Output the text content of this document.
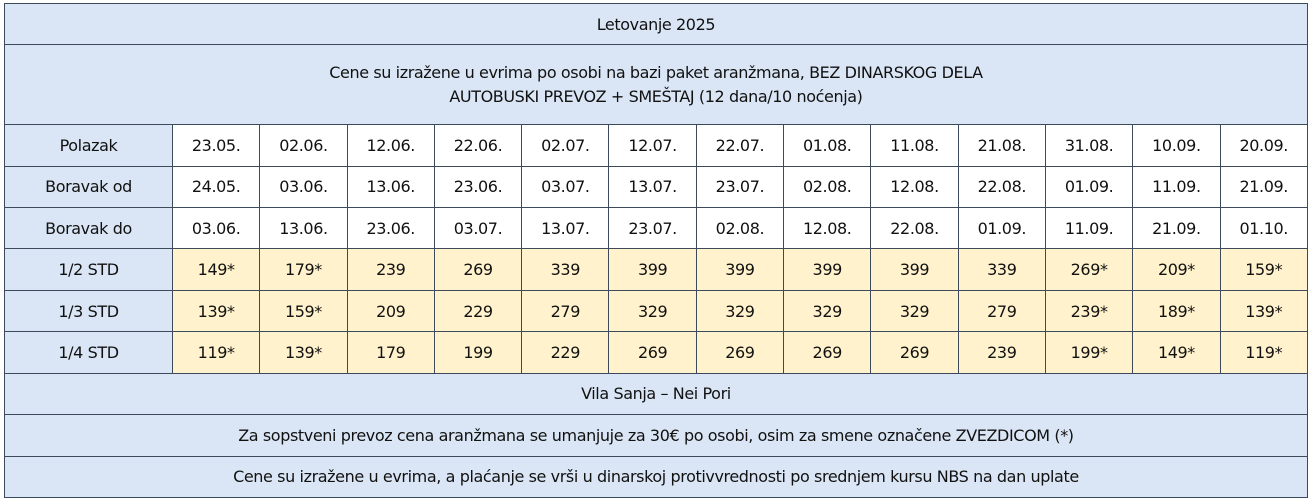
Letovanje 2025													

Cene su izražene u evrima po osobi na bazi paket aranžmana, BEZ DINARSKOG DELA
AUTOBUSKI PREVOZ + SMEŠTAJ (12 dana/10 noćenja)													

Polazak	23.05.	02.06.	12.06.	22.06.	02.07.	12.07.	22.07.	01.08.	11.08.	21.08.	31.08.	10.09.	20.09.
Boravak od	24.05.	03.06.	13.06.	23.06.	03.07.	13.07.	23.07.	02.08.	12.08.	22.08.	01.09.	11.09.	21.09.
Boravak do	03.06.	13.06.	23.06.	03.07.	13.07.	23.07.	02.08.	12.08.	22.08.	01.09.	11.09.	21.09.	01.10.
1/2 STD	149*	179*	239	269	339	399	399	399	399	339	269*	209*	159*
1/3 STD	139*	159*	209	229	279	329	329	329	329	279	239*	189*	139*
1/4 STD	119*	139*	179	199	229	269	269	269	269	239	199*	149*	119*
Vila Sanja – Nei Pori													
Za sopstveni prevoz cena aranžmana se umanjuje za 30€ po osobi, osim za smene označene ZVEZDICOM (*)													
Cene su izražene u evrima, a plaćanje se vrši u dinarskoj protivvrednosti po srednjem kursu NBS na dan uplate													
